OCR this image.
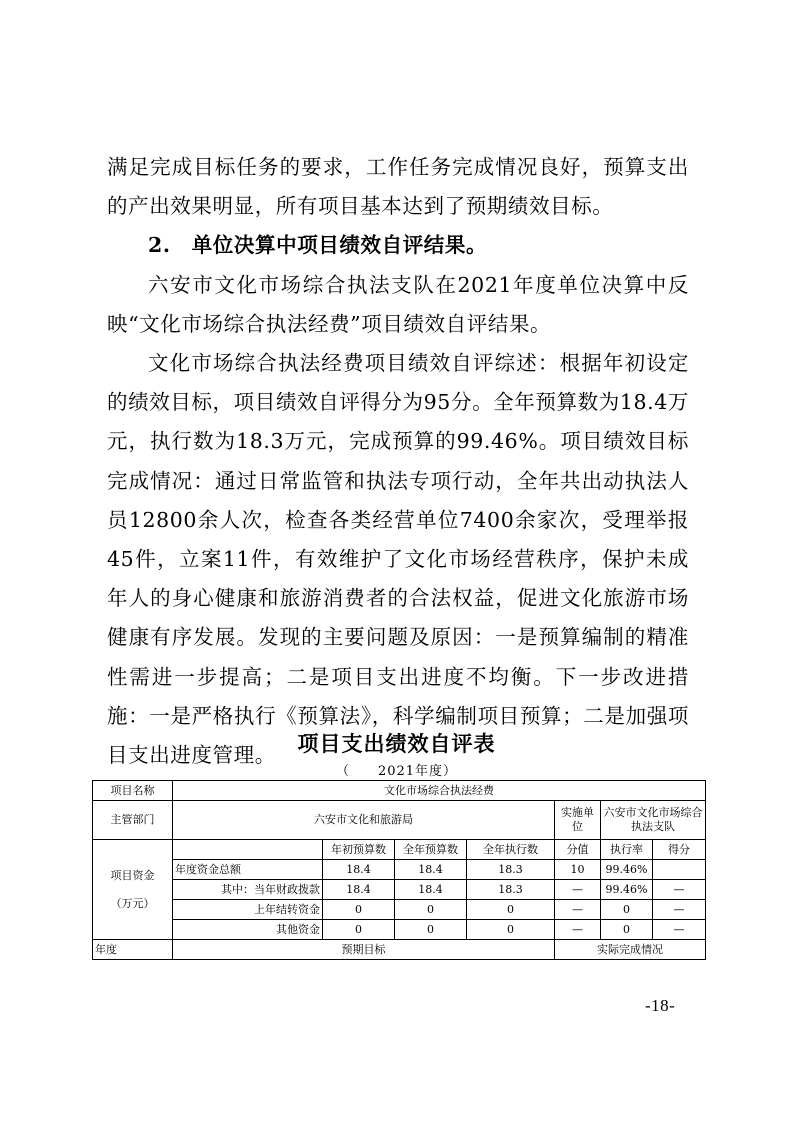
满足完成目标任务的要求，工作任务完成情况良好，预算支出的产出效果明显，所有项目基本达到了预期绩效目标。

2.　单位决算中项目绩效自评结果。

六安市文化市场综合执法支队在2021年度单位决算中反映“文化市场综合执法经费”项目绩效自评结果。

文化市场综合执法经费项目绩效自评综述：根据年初设定的绩效目标，项目绩效自评得分为95分。全年预算数为18.4万元，执行数为18.3万元，完成预算的99.46%。项目绩效目标完成情况：通过日常监管和执法专项行动，全年共出动执法人员12800余人次，检查各类经营单位7400余家次，受理举报45件，立案11件，有效维护了文化市场经营秩序，保护未成年人的身心健康和旅游消费者的合法权益，促进文化旅游市场健康有序发展。发现的主要问题及原因：一是预算编制的精准性需进一步提高；二是项目支出进度不均衡。下一步改进措施：一是严格执行《预算法》，科学编制项目预算；二是加强项目支出进度管理。	项目支出绩效自评表
（　　2021年度）
项目名称	文化市场综合执法经费						
主管部门	六安市文化和旅游局				实施单位	六安市文化市场综合执法支队	

项目资金
（万元）		年初预算数	全年预算数	全年执行数	分值	执行率	得分
	年度资金总额	18.4	18.4	18.3	10	99.46%	
	其中：当年财政拨款	18.4	18.4	18.3	—	99.46%	—
	上年结转资金	0	0	0	—	0	—
	其他资金	0	0	0	—	0	—
年度	预期目标				实际完成情况		
-18-
